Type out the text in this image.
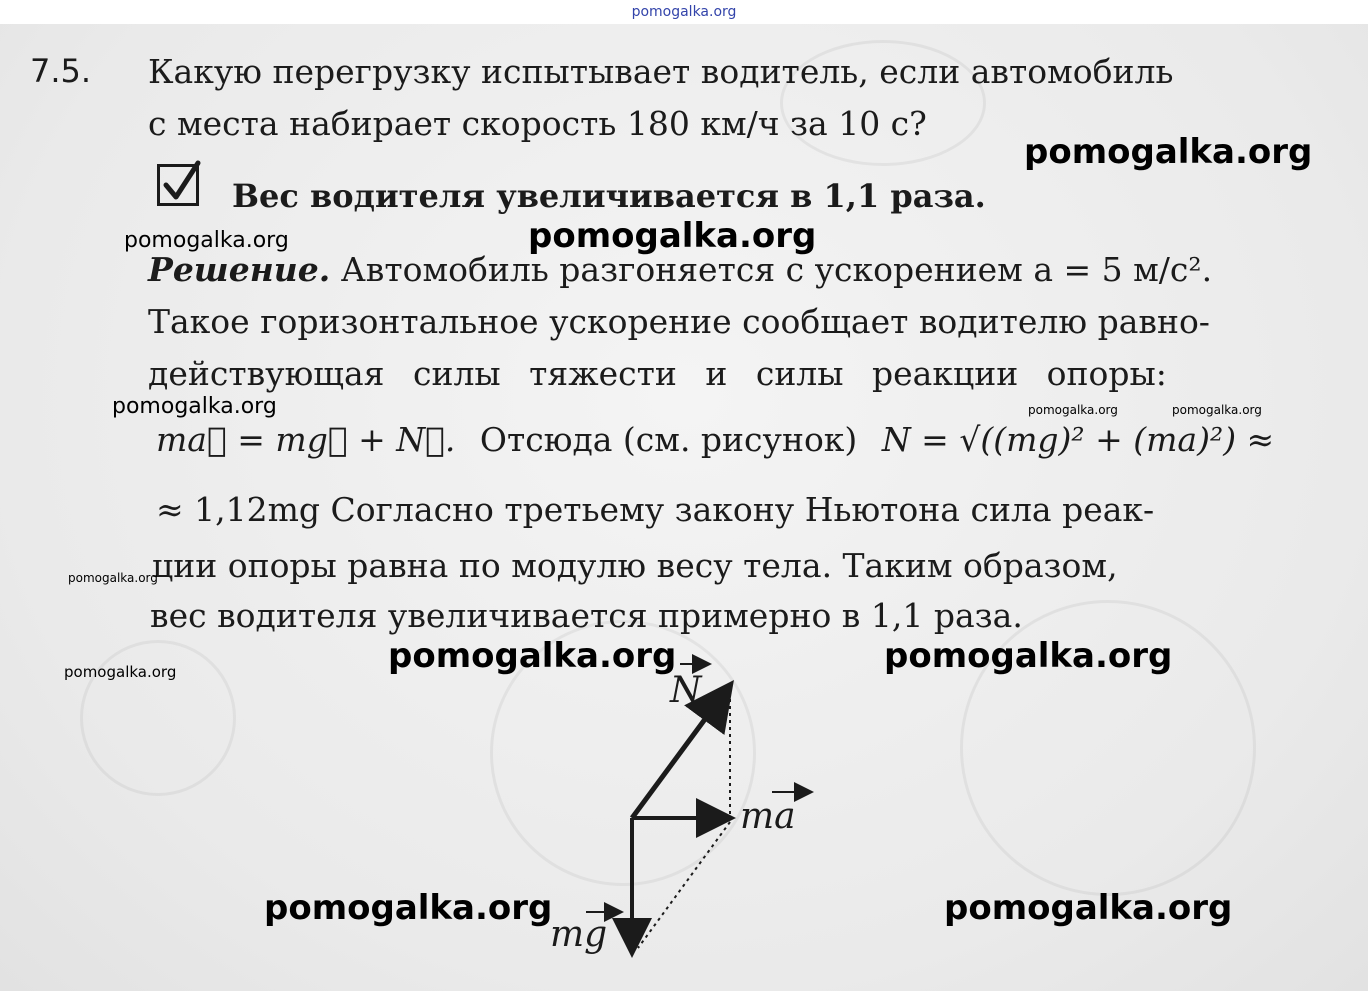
pomogalka.org
7.5. Какую перегрузку испытывает водитель, если автомобиль
с места набирает скорость 180 км/ч за 10 с?
Вес водителя увеличивается в 1,1 раза.
Решение. Автомобиль разгоняется с ускорением a = 5 м/с².
Такое горизонтальное ускорение сообщает водителю равно-
действующая силы тяжести и силы реакции опоры:
ma⃗ = mg⃗ + N⃗. Отсюда (см. рисунок) N = √((mg)² + (ma)²) ≈
≈ 1,12mg Согласно третьему закону Ньютона сила реак-
ции опоры равна по модулю весу тела. Таким образом,
вес водителя увеличивается примерно в 1,1 раза.
N
ma
mg
pomogalka.org
pomogalka.org	pomogalka.org
pomogalka.org	pomogalka.org	pomogalka.org
pomogalka.org
pomogalka.org	pomogalka.org
pomogalka.org
pomogalka.org	pomogalka.org
